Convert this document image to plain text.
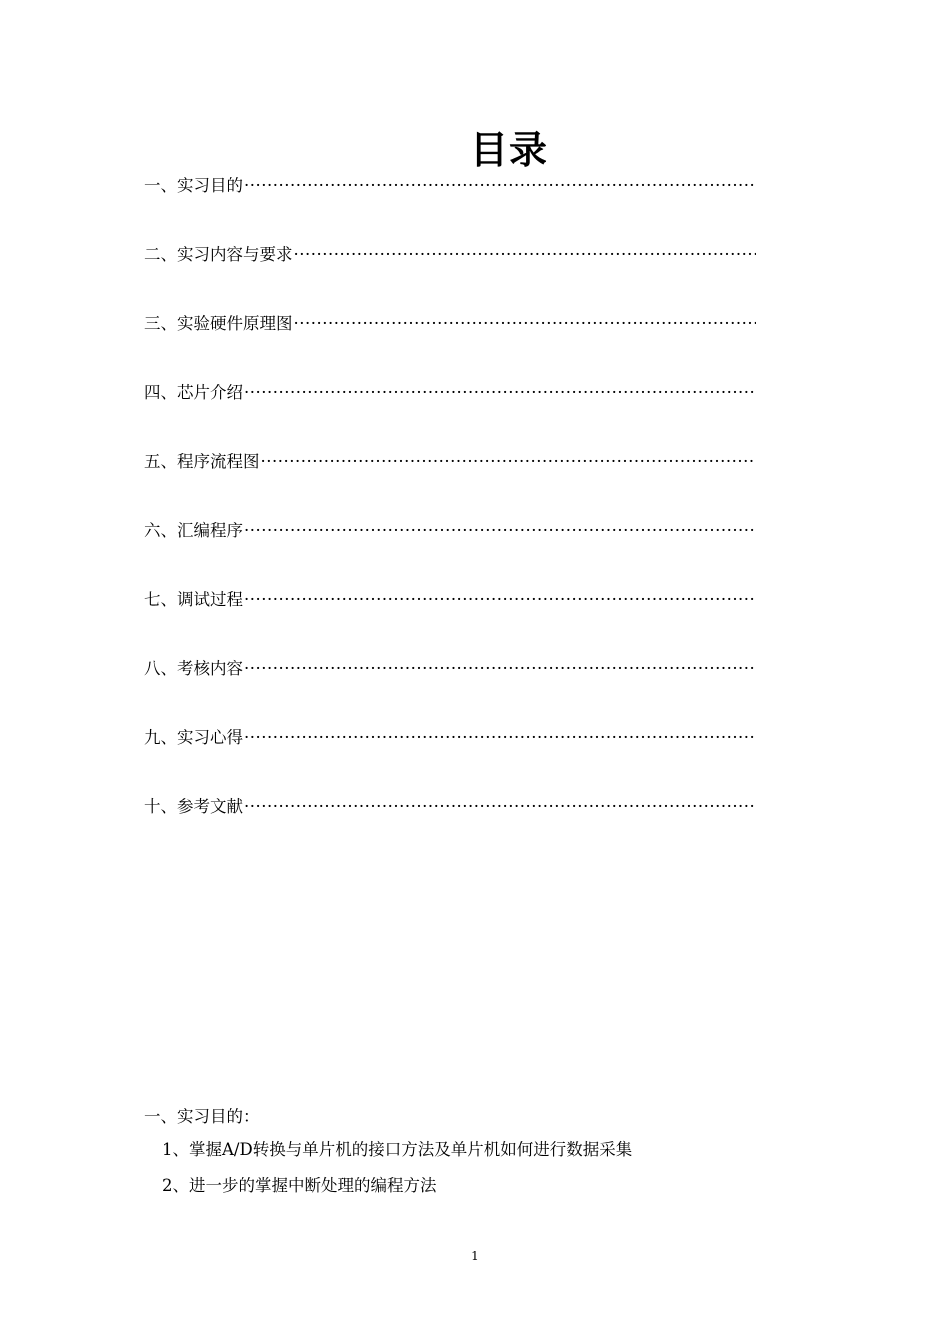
目录
一、实习目的
·····
二、实习内容与要求
·····
三、实验硬件原理图
·····
四、芯片介绍
·····
五、程序流程图
·····
六、汇编程序
·····
七、调试过程
·····
八、考核内容
·····
九、实习心得
·····
十、参考文献
·····
一、实习目的：
1、掌握A/D转换与单片机的接口方法及单片机如何进行数据采集
2、进一步的掌握中断处理的编程方法
1
